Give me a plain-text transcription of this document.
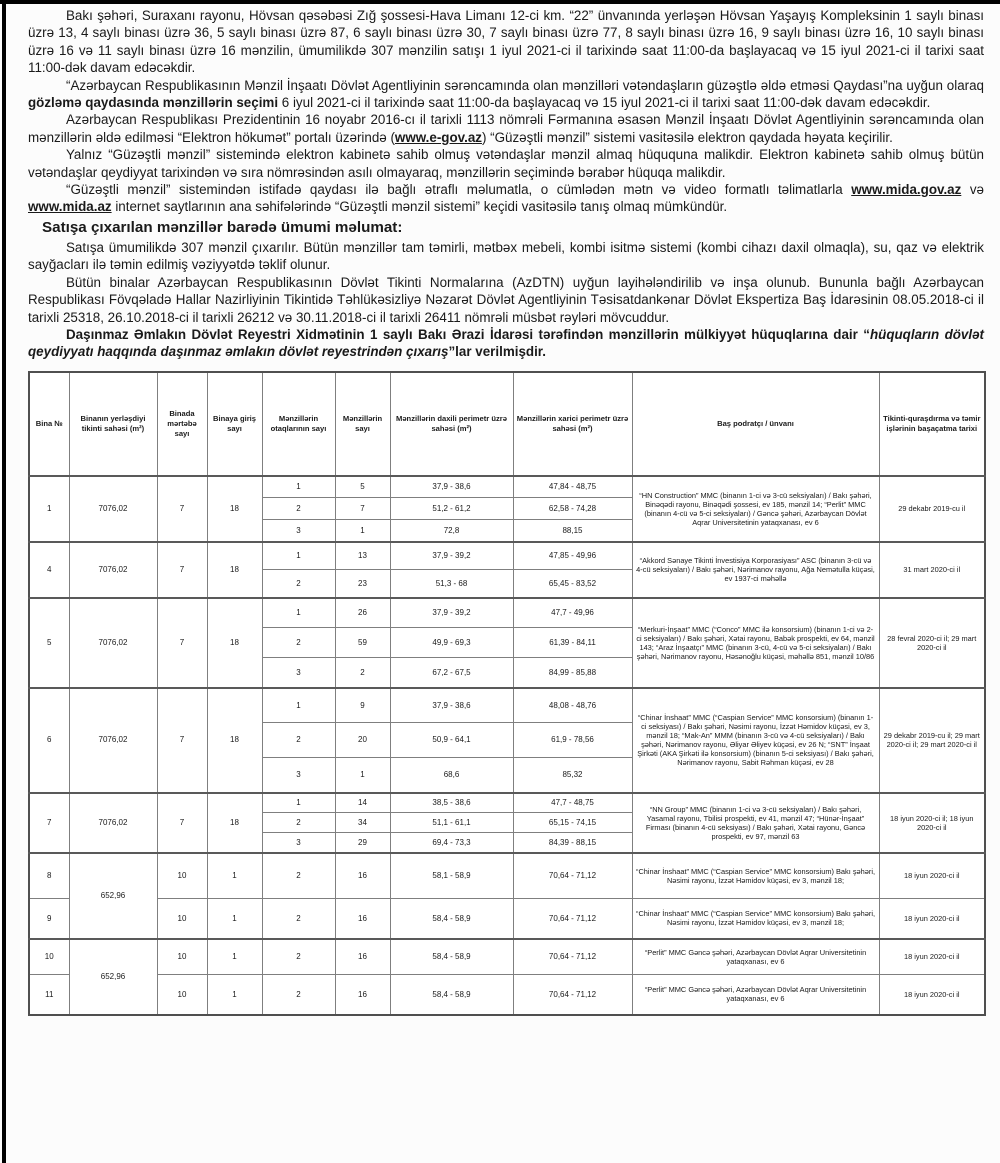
Bakı şəhəri, Suraxanı rayonu, Hövsan qəsəbəsi Zığ şossesi-Hava Limanı 12-ci km. “22” ünvanında yerləşən Hövsan Yaşayış Kompleksinin 1 saylı binası üzrə 13, 4 saylı binası üzrə 36, 5 saylı binası üzrə 87, 6 saylı binası üzrə 30, 7 saylı binası üzrə 77, 8 saylı binası üzrə 16, 9 saylı binası üzrə 16, 10 saylı binası üzrə 16 və 11 saylı binası üzrə 16 mənzilin, ümumilikdə 307 mənzilin satışı 1 iyul 2021-ci il tarixində saat 11:00-da başlayacaq və 15 iyul 2021-ci il tarixi saat 11:00-dək davam edəcəkdir.

“Azərbaycan Respublikasının Mənzil İnşaatı Dövlət Agentliyinin sərəncamında olan mənzilləri vətəndaşların güzəştlə əldə etməsi Qaydası”na uyğun olaraq gözləmə qaydasında mənzillərin seçimi 6 iyul 2021-ci il tarixində saat 11:00-da başlayacaq və 15 iyul 2021-ci il tarixi saat 11:00-dək davam edəcəkdir.

Azərbaycan Respublikası Prezidentinin 16 noyabr 2016-cı il tarixli 1113 nömrəli Fərmanına əsasən Mənzil İnşaatı Dövlət Agentliyinin sərəncamında olan mənzillərin əldə edilməsi “Elektron hökumət” portalı üzərində (www.e-gov.az) “Güzəştli mənzil” sistemi vasitəsilə elektron qaydada həyata keçirilir.

Yalnız “Güzəştli mənzil” sistemində elektron kabinetə sahib olmuş vətəndaşlar mənzil almaq hüququna malikdir. Elektron kabinetə sahib olmuş bütün vətəndaşlar qeydiyyat tarixindən və sıra nömrəsindən asılı olmayaraq, mənzillərin seçimində bərabər hüquqa malikdir.

“Güzəştli mənzil” sistemindən istifadə qaydası ilə bağlı ətraflı məlumatla, o cümlədən mətn və video formatlı təlimatlarla www.mida.gov.az və www.mida.az internet saytlarının ana səhifələrində “Güzəştli mənzil sistemi” keçidi vasitəsilə tanış olmaq mümkündür.

Satışa çıxarılan mənzillər barədə ümumi məlumat:

Satışa ümumilikdə 307 mənzil çıxarılır. Bütün mənzillər tam təmirli, mətbəx mebeli, kombi isitmə sistemi (kombi cihazı daxil olmaqla), su, qaz və elektrik sayğacları ilə təmin edilmiş vəziyyətdə təklif olunur.

Bütün binalar Azərbaycan Respublikasının Dövlət Tikinti Normalarına (AzDTN) uyğun layihələndirilib və inşa olunub. Bununla bağlı Azərbaycan Respublikası Fövqəladə Hallar Nazirliyinin Tikintidə Təhlükəsizliyə Nəzarət Dövlət Agentliyinin Təsisatdankənar Dövlət Ekspertiza Baş İdarəsinin 08.05.2018-ci il tarixli 25318, 26.10.2018-ci il tarixli 26212 və 30.11.2018-ci il tarixli 26411 nömrəli müsbət rəyləri mövcuddur.

Daşınmaz Əmlakın Dövlət Reyestri Xidmətinin 1 saylı Bakı Ərazi İdarəsi tərəfindən mənzillərin mülkiyyət hüquqlarına dair “hüquqların dövlət qeydiyyatı haqqında daşınmaz əmlakın dövlət reyestrindən çıxarış”lar verilmişdir.

Bina №	Binanın yerləşdiyi tikinti sahəsi (m²)	Binada mərtəbə sayı	Binaya giriş sayı	Mənzillərin otaqlarının sayı	Mənzillərin sayı	Mənzillərin daxili perimetr üzrə sahəsi (m²)	Mənzillərin xarici perimetr üzrə sahəsi (m²)	Baş podratçı / ünvanı	Tikinti-quraşdırma və təmir işlərinin başaçatma tarixi
1	7076,02	7	18	1	5	37,9 - 38,6	47,84 - 48,75	“HN Construction” MMC (binanın 1-ci və 3-cü seksiyaları) / Bakı şəhəri, Binəqədi rayonu, Binəqədi şossesi, ev 185, mənzil 14; “Perlit” MMC (binanın 4-cü və 5-ci seksiyaları) / Gəncə şəhəri, Azərbaycan Dövlət Aqrar Universitetinin yataqxanası, ev 6	29 dekabr 2019-cu il
				2	7	51,2 - 61,2	62,58 - 74,28		
				3	1	72,8	88,15		
4	7076,02	7	18	1	13	37,9 - 39,2	47,85 - 49,96	“Akkord Sənaye Tikinti İnvestisiya Korporasiyası” ASC (binanın 3-cü və 4-cü seksiyaları) / Bakı şəhəri, Nərimanov rayonu, Ağa Nemətulla küçəsi, ev 1937-ci məhəllə	31 mart 2020-ci il
				2	23	51,3 - 68	65,45 - 83,52		
5	7076,02	7	18	1	26	37,9 - 39,2	47,7 - 49,96	“Merkuri-İnşaat” MMC (“Conco” MMC ilə konsorsium) (binanın 1-ci və 2-ci seksiyaları) / Bakı şəhəri, Xətai rayonu, Babək prospekti, ev 64, mənzil 143; “Araz İnşaatçı” MMC (binanın 3-cü, 4-cü və 5-ci seksiyaları) / Bakı şəhəri, Nərimanov rayonu, Həsənoğlu küçəsi, məhəllə 851, mənzil 10/86	28 fevral 2020-ci il; 29 mart 2020-ci il
				2	59	49,9 - 69,3	61,39 - 84,11		
				3	2	67,2 - 67,5	84,99 - 85,88		
6	7076,02	7	18	1	9	37,9 - 38,6	48,08 - 48,76	“Chinar İnshaat” MMC (“Caspian Service” MMC konsorsium) (binanın 1-ci seksiyası) / Bakı şəhəri, Nəsimi rayonu, İzzət Həmidov küçəsi, ev 3, mənzil 18; “Mak-An” MMM (binanın 3-cü və 4-cü seksiyaları) / Bakı şəhəri, Nərimanov rayonu, Əliyar Əliyev küçəsi, ev 26 N; “SNT” İnşaat Şirkəti (AKA Şirkəti ilə konsorsium) (binanın 5-ci seksiyası) / Bakı şəhəri, Nərimanov rayonu, Sabit Rəhman küçəsi, ev 28	29 dekabr 2019-cu il; 29 mart 2020-ci il; 29 mart 2020-ci il
				2	20	50,9 - 64,1	61,9 - 78,56		
				3	1	68,6	85,32		
7	7076,02	7	18	1	14	38,5 - 38,6	47,7 - 48,75	“NN Group” MMC (binanın 1-ci və 3-cü seksiyaları) / Bakı şəhəri, Yasamal rayonu, Tbilisi prospekti, ev 41, mənzil 47; “Hünər-İnşaat” Firması (binanın 4-cü seksiyası) / Bakı şəhəri, Xətai rayonu, Gəncə prospekti, ev 97, mənzil 63	18 iyun 2020-ci il; 18 iyun 2020-ci il
				2	34	51,1 - 61,1	65,15 - 74,15		
				3	29	69,4 - 73,3	84,39 - 88,15		
8	652,96	10	1	2	16	58,1 - 58,9	70,64 - 71,12	“Chinar İnshaat” MMC (“Caspian Service” MMC konsorsium) Bakı şəhəri, Nəsimi rayonu, İzzət Həmidov küçəsi, ev 3, mənzil 18;	18 iyun 2020-ci il
9		10	1	2	16	58,4 - 58,9	70,64 - 71,12	“Chinar İnshaat” MMC (“Caspian Service” MMC konsorsium) Bakı şəhəri, Nəsimi rayonu, İzzət Həmidov küçəsi, ev 3, mənzil 18;	18 iyun 2020-ci il
10	652,96	10	1	2	16	58,4 - 58,9	70,64 - 71,12	“Perlit” MMC Gəncə şəhəri, Azərbaycan Dövlət Aqrar Universitetinin yataqxanası, ev 6	18 iyun 2020-ci il
11		10	1	2	16	58,4 - 58,9	70,64 - 71,12	“Perlit” MMC Gəncə şəhəri, Azərbaycan Dövlət Aqrar Universitetinin yataqxanası, ev 6	18 iyun 2020-ci il
